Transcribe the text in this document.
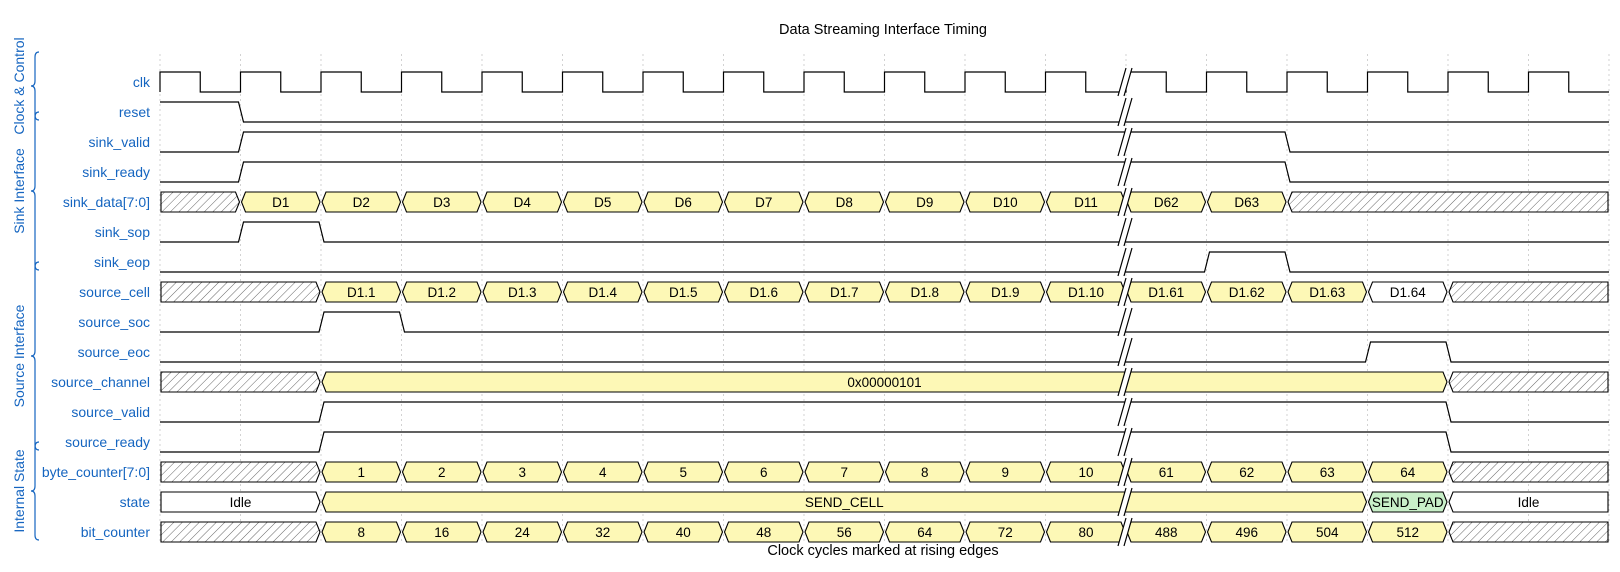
Data Streaming Interface Timing
Clock & Control
Sink Interface
Source Interface
Internal State
clk
reset
sink_valid
sink_ready
sink_data[7:0]
sink_sop
sink_eop
source_cell
source_soc
source_eoc
source_channel
source_valid
source_ready
byte_counter[7:0]
state
bit_counter
D1	D2	D3	D4	D5	D6	D7	D8	D9	D10	D11	D62	D63
D1.1	D1.2	D1.3	D1.4	D1.5	D1.6	D1.7	D1.8	D1.9	D1.10	D1.61	D1.62	D1.63	D1.64
0x00000101
1	2	3	4	5	6	7	8	9	10	61	62	63	64
Idle	SEND_CELL	SEND_PAD	Idle
8	16	24	32	40	48	56	64	72	80	488	496	504	512
Clock cycles marked at rising edges
